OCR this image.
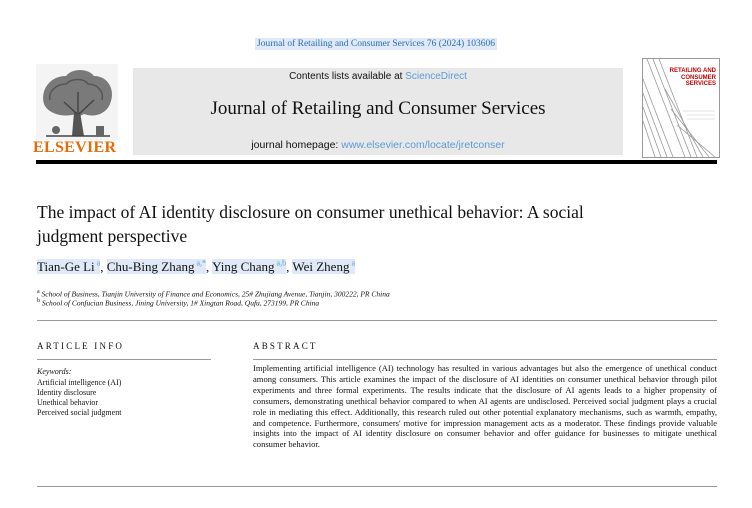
Journal of Retailing and Consumer Services 76 (2024) 103606
ELSEVIER
Contents lists available at ScienceDirect
Journal of Retailing and Consumer Services
journal homepage: www.elsevier.com/locate/jretconser
RETAILING AND CONSUMER SERVICES
The impact of AI identity disclosure on consumer unethical behavior: A social judgment perspective
Tian-Ge Li $^a$, Chu-Bing Zhang $^{a,*}$, Ying Chang $^{a,b}$, Wei Zheng $^a$
$^a$ School of Business, Tianjin University of Finance and Economics, 25# Zhujiang Avenue, Tianjin, 300222, PR China
$^b$ School of Confucian Business, Jining University, 1# Xingtan Road, Qufu, 273199, PR China
ARTICLE INFO	ABSTRACT
Keywords:
Artificial intelligence (AI)
Identity disclosure
Unethical behavior
Perceived social judgment
Implementing artificial intelligence (AI) technology has resulted in various advantages but also the emergence of unethical conduct among consumers. This article examines the impact of the disclosure of AI identities on consumer unethical behavior through pilot experiments and three formal experiments. The results indicate that the disclosure of AI agents leads to a higher propensity of consumers, demonstrating unethical behavior compared to when AI agents are undisclosed. Perceived social judgment plays a crucial role in mediating this effect. Additionally, this research ruled out other potential explanatory mechanisms, such as warmth, empathy, and competence. Furthermore, consumers' motive for impression management acts as a moderator. These findings provide valuable insights into the impact of AI identity disclosure on consumer behavior and offer guidance for businesses to mitigate unethical consumer behavior.
